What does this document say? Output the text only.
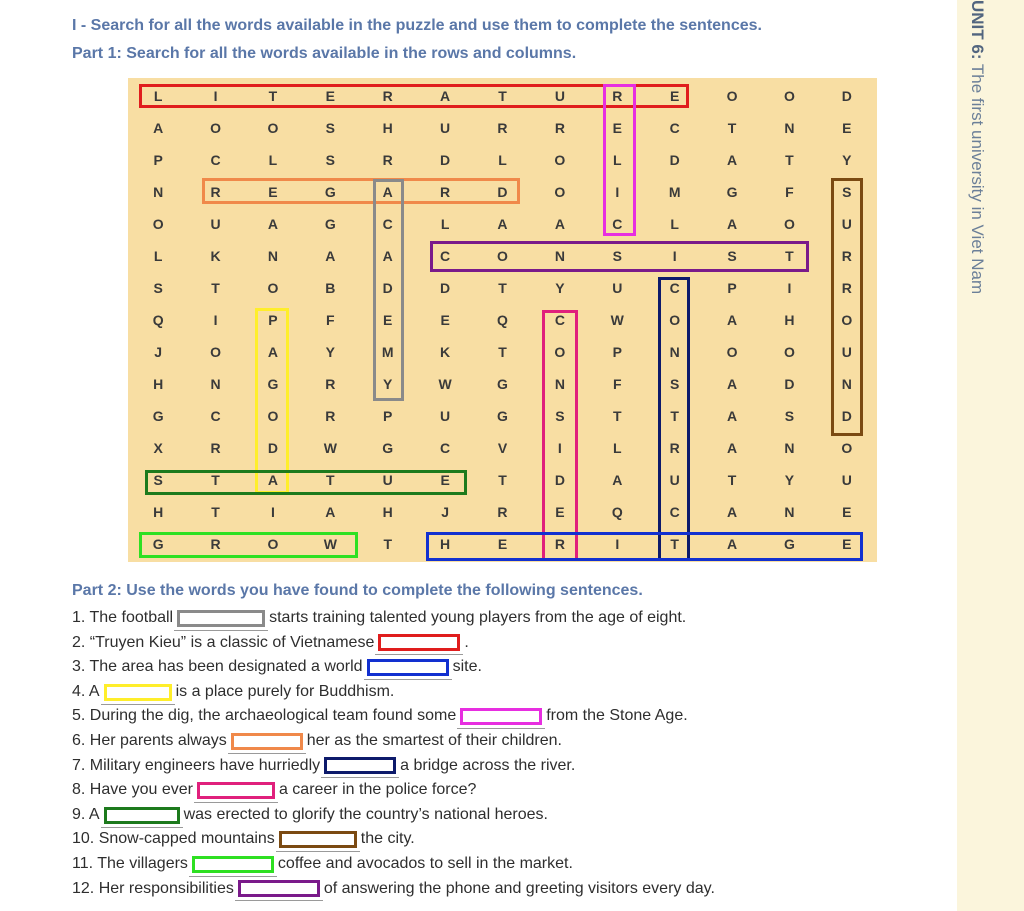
UNIT 6: The first university in Viet Nam
I - Search for all the words available in the puzzle and use them to complete the sentences.
Part 1: Search for all the words available in the rows and columns.
L	I	T	E	R	A	T	U	R	E	O	O	D
A	O	O	S	H	U	R	R	E	C	T	N	E
P	C	L	S	R	D	L	O	L	D	A	T	Y
N	R	E	G	A	R	D	O	I	M	G	F	S
O	U	A	G	C	L	A	A	C	L	A	O	U
L	K	N	A	A	C	O	N	S	I	S	T	R
S	T	O	B	D	D	T	Y	U	C	P	I	R
Q	I	P	F	E	E	Q	C	W	O	A	H	O
J	O	A	Y	M	K	T	O	P	N	O	O	U
H	N	G	R	Y	W	G	N	F	S	A	D	N
G	C	O	R	P	U	G	S	T	T	A	S	D
X	R	D	W	G	C	V	I	L	R	A	N	O
S	T	A	T	U	E	T	D	A	U	T	Y	U
H	T	I	A	H	J	R	E	Q	C	A	N	E
G	R	O	W	T	H	E	R	I	T	A	G	E
Part 2: Use the words you have found to complete the following sentences.
1. The football	starts training talented young players from the age of eight.
2. “Truyen Kieu” is a classic of Vietnamese	.
3. The area has been designated a world	site.
4. A	is a place purely for Buddhism.
5. During the dig, the archaeological team found some	from the Stone Age.
6. Her parents always	her as the smartest of their children.
7. Military engineers have hurriedly	a bridge across the river.
8. Have you ever	a career in the police force?
9. A	was erected to glorify the country’s national heroes.
10. Snow-capped mountains	the city.
11. The villagers	coffee and avocados to sell in the market.
12. Her responsibilities	of answering the phone and greeting visitors every day.
